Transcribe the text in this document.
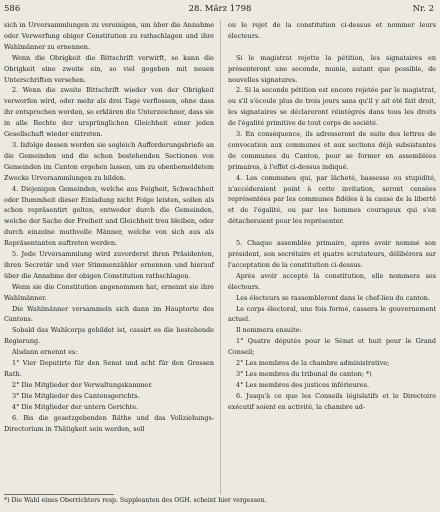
586	28. März 1798	Nr. 2

sich in Urversammlungen zu vereinigen, um über die Annahme oder Verwerfung obiger Constitution zu rathschlagen und ihre Wahlmänner zu ernennen.

Wenn die Obrigkeit die Bittschrift verwirft, so kann die Obrigkeit eine zweite ein, so viel gegeben mit neuen Unterschriften versehen.

2. Wenn die zweite Bittschrift wieder von der Obrigkeit verworfen wird, oder mehr als drei Tage verflossen, ohne dass ihr entsprochen worden, so erklären die Unterzeichner, dass sie in alle Rechte der ursprünglichen Gleichheit einer jeden Gesellschaft wieder eintreten.

3. Infolge dessen werden sie sogleich Aufforderungsbriefe an die Gemeinden und die schon bestehenden Sectionen von Gemeinden im Canton ergehen lassen, um zu obenbemeldetem Zwecke Urversammlungen zu bilden.

4. Diejenigen Gemeinden, welche aus Feigheit, Schwachheit oder Dummheit dieser Einladung nicht Folge leisten, sollen als schon repräsentirt gelten, entweder durch die Gemeinden, welche der Sache der Freiheit und Gleichheit treu bleiben, oder durch einzelne muthvolle Männer, welche von sich aus als Repräsentanten auftreten werden.

5. Jede Urversammlung wird zuvorderst ihren Präsidenten, ihren Secretär und vier Stimmenzähler ernennen und hierauf über die Annahme der obigen Constitution rathschlagen.

Wenn sie die Constitution angenommen hat, ernennt sie ihre Wahlmänner.

Die Wahlmänner versammeln sich dann im Hauptorte des Cantons.

Sobald das Wahlcorps gebildet ist, cassirt es die bestehende Regierung.

Alsdann ernennt es:

1° Vier Deputirte für den Senat und acht für den Grossen Rath.

2° Die Mitglieder der Verwaltungskammer.

3° Die Mitglieder des Cantonsgerichts.

4° Die Mitglieder der untern Gerichte.

6. Bis die gesetzgebenden Räthe und das Vollziehungs-Directorium in Thätigkeit sein werden, soll

ou le rejet de la constitution ci-dessus et nommer leurs électeurs.

Si le magistrat rejette la pétition, les signataires en présenteront une seconde, munie, autant que possible, de nouvelles signatures.

2. Si la seconde pétition est encore rejetée par le magistrat, ou s'il s'écoule plus de trois jours sans qu'il y ait été fait droit, les signataires se déclareront réintégrés dans tous les droits de l'égalité primitive de tout corps de société.

3. En conséquence, ils adresseront de suite des lettres de convocation aux communes et aux sections déjà subsistantes de communes du Canton, pour se former en assemblées primaires, à l'effet ci-dessus indiqué.

4. Les communes qui, par lâcheté, bassesse ou stupidité, n'accéderaient point à cette invitation, seront censées représentées par les communes fidèles à la cause de la liberté et de l'égalité, ou par les hommes courageux qui s'en détacheraient pour les représenter.

5. Chaque assemblée primaire, après avoir nommé son président, son secrétaire et quatre scrutateurs, délibérera sur l'acceptation de la constitution ci-dessus.

Après avoir accepté la constitution, elle nommera ses électeurs.

Les électeurs se rassembleront dans le chef-lieu du canton.

Le corps électoral, une fois formé, cassera le gouvernement actuel.

Il nommera ensuite:

1° Quatre députés pour le Sénat et huit pour le Grand Conseil;

2° Les membres de la chambre administrative;

3° Les membres du tribunal de canton; *)

4° Les membres des justices inférieures.

6. Jusqu'à ce que les Conseils législatifs et le Directoire exécutif soient en activité, la chambre ad-

*) Die Wahl eines Oberrichters resp. Suppleanten des OGH. scheint hier vergessen.
